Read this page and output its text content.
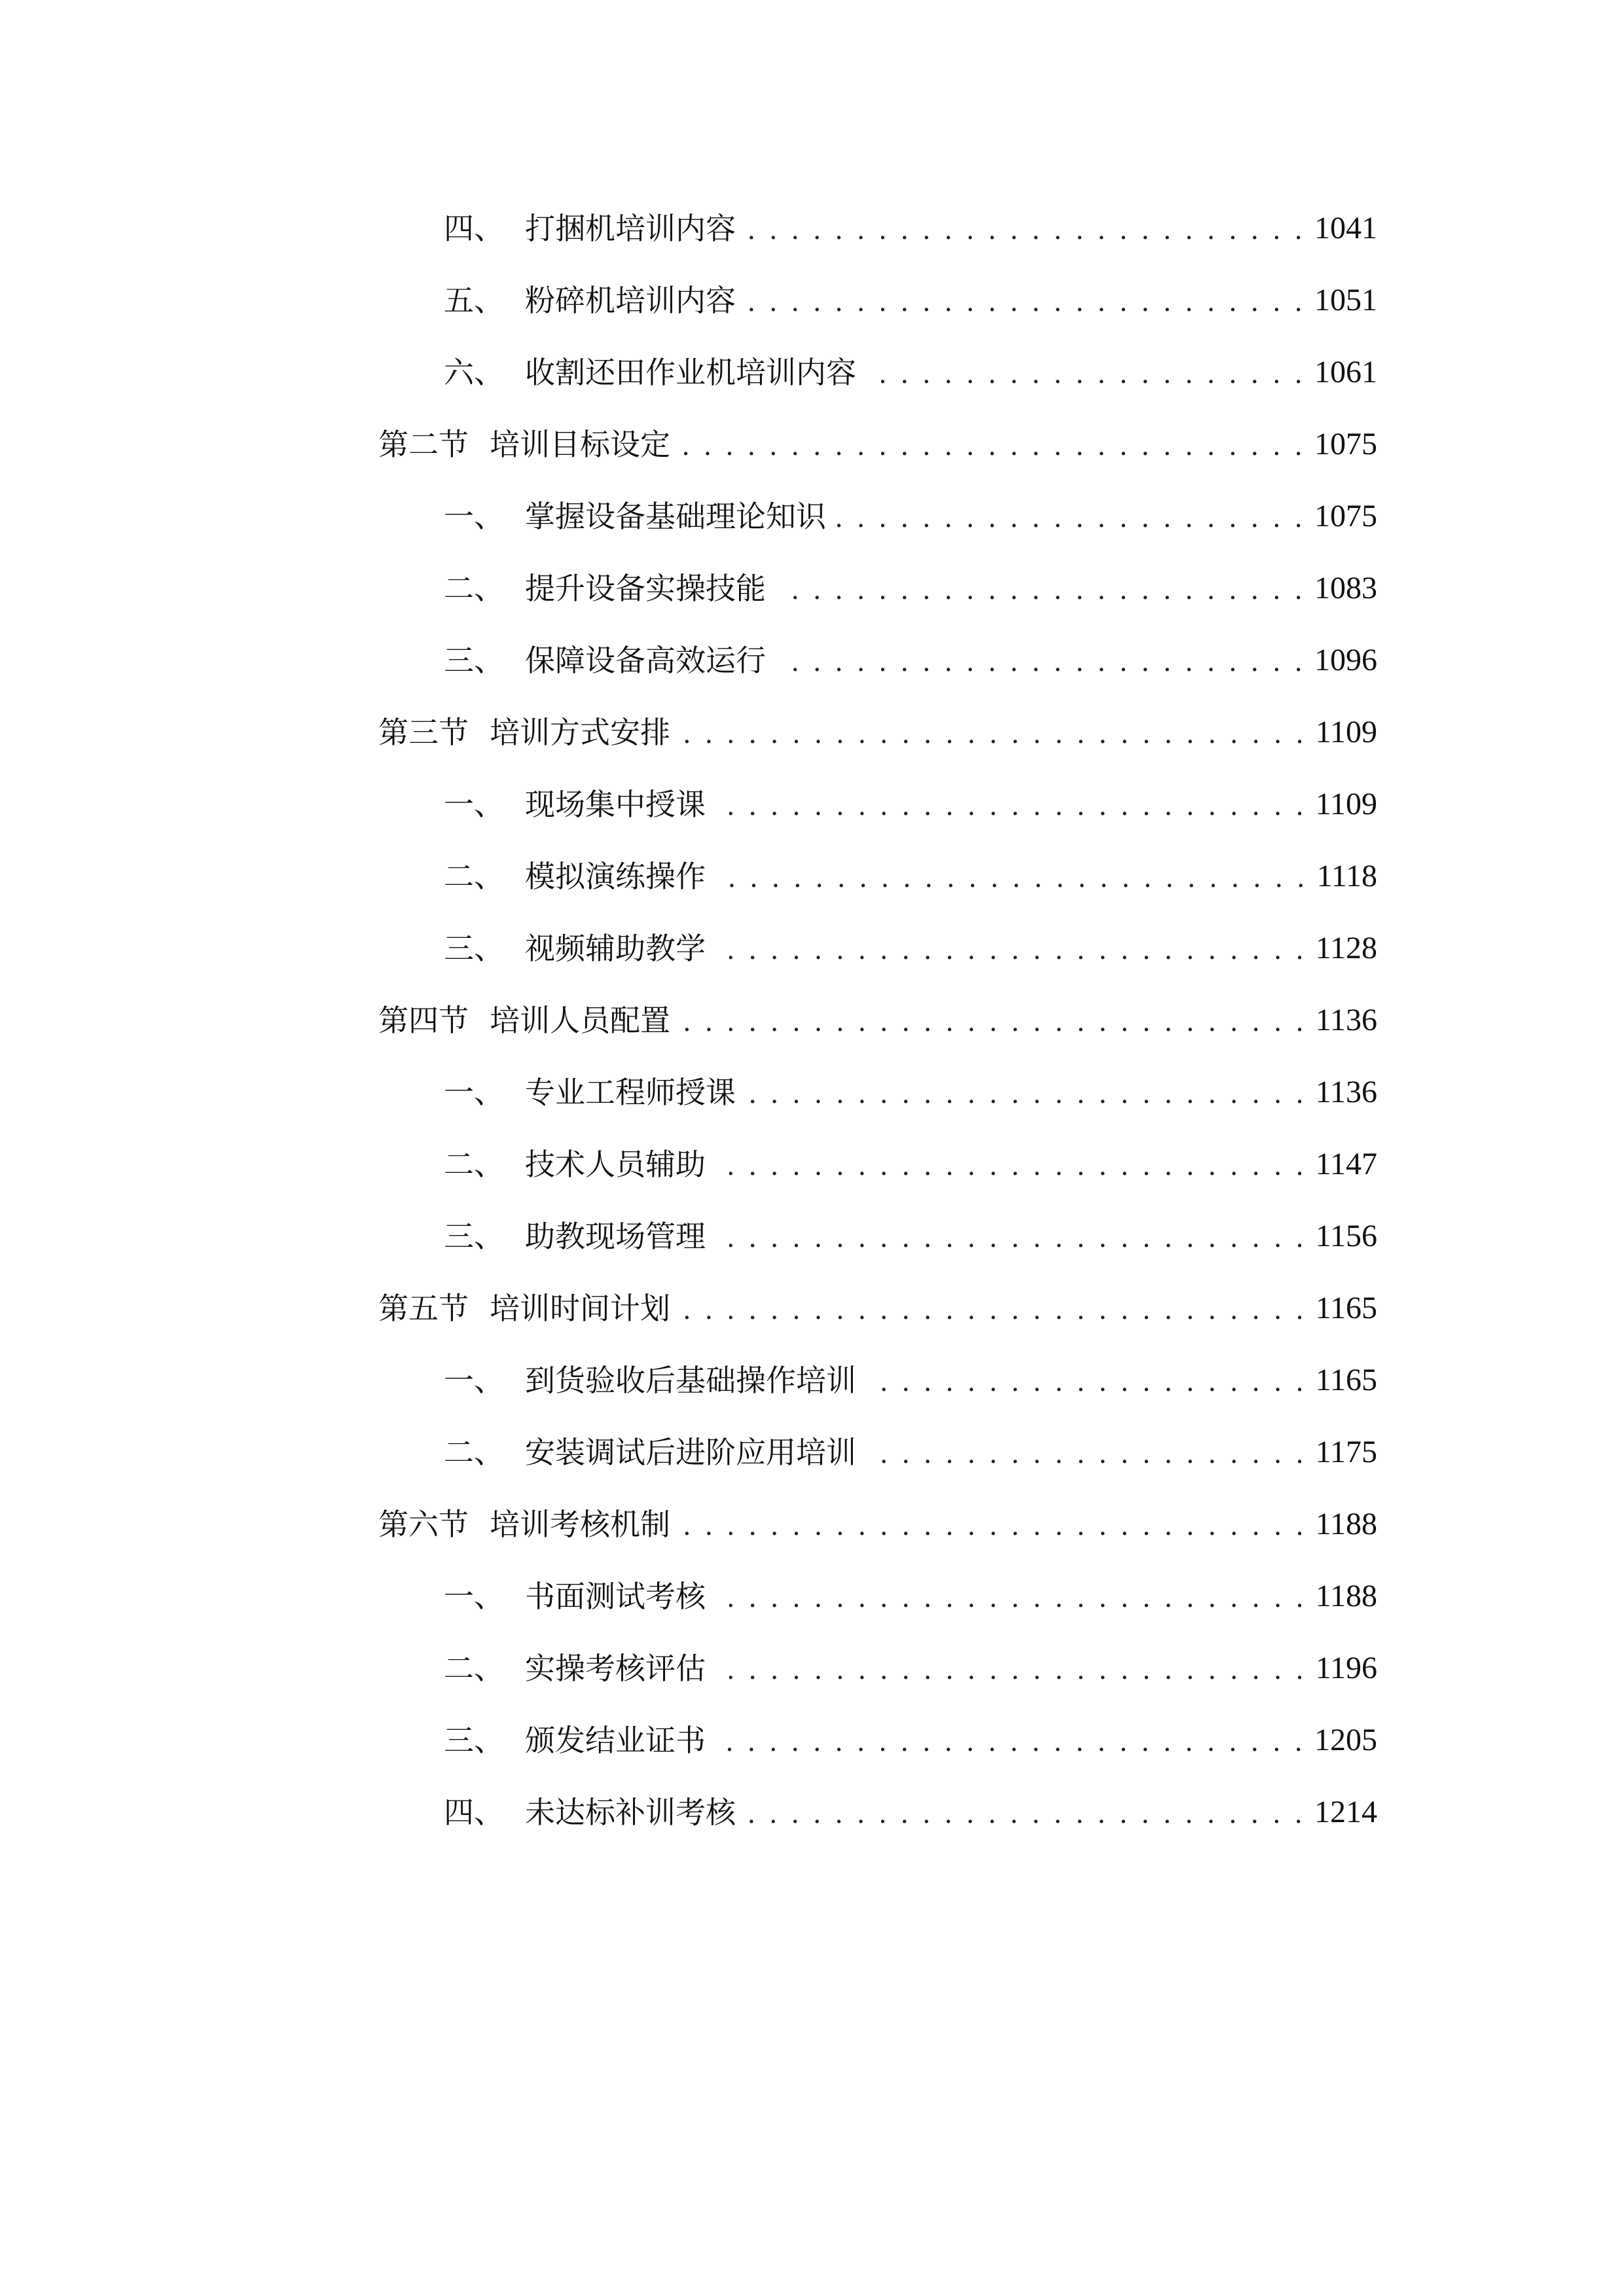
四、 打捆机培训内容 . . .	1041
五、 粉碎机培训内容 . . .	1051
六、 收割还田作业机培训内容 . . .	1061
第二节 培训目标设定 . . .	1075
一、 掌握设备基础理论知识 . . .	1075
二、 提升设备实操技能 . . .	1083
三、 保障设备高效运行 . . .	1096
第三节 培训方式安排 . . .	1109
一、 现场集中授课 . . .	1109
二、 模拟演练操作 . . .	1118
三、 视频辅助教学 . . .	1128
第四节 培训人员配置 . . .	1136
一、 专业工程师授课 . . .	1136
二、 技术人员辅助 . . .	1147
三、 助教现场管理 . . .	1156
第五节 培训时间计划 . . .	1165
一、 到货验收后基础操作培训 . . .	1165
二、 安装调试后进阶应用培训 . . .	1175
第六节 培训考核机制 . . .	1188
一、 书面测试考核 . . .	1188
二、 实操考核评估 . . .	1196
三、 颁发结业证书 . . .	1205
四、 未达标补训考核 . . .	1214
